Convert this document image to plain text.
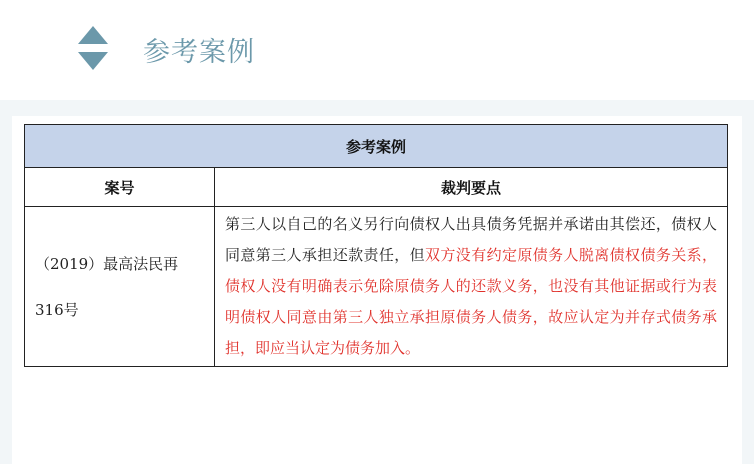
参考案例
参考案例	
案号	裁判要点
（2019）最高法民再316号	第三人以自己的名义另行向债权人出具债务凭据并承诺由其偿还，债权人同意第三人承担还款责任，但双方没有约定原债务人脱离债权债务关系，债权人没有明确表示免除原债务人的还款义务，也没有其他证据或行为表明债权人同意由第三人独立承担原债务人债务，故应认定为并存式债务承担，即应当认定为债务加入。
